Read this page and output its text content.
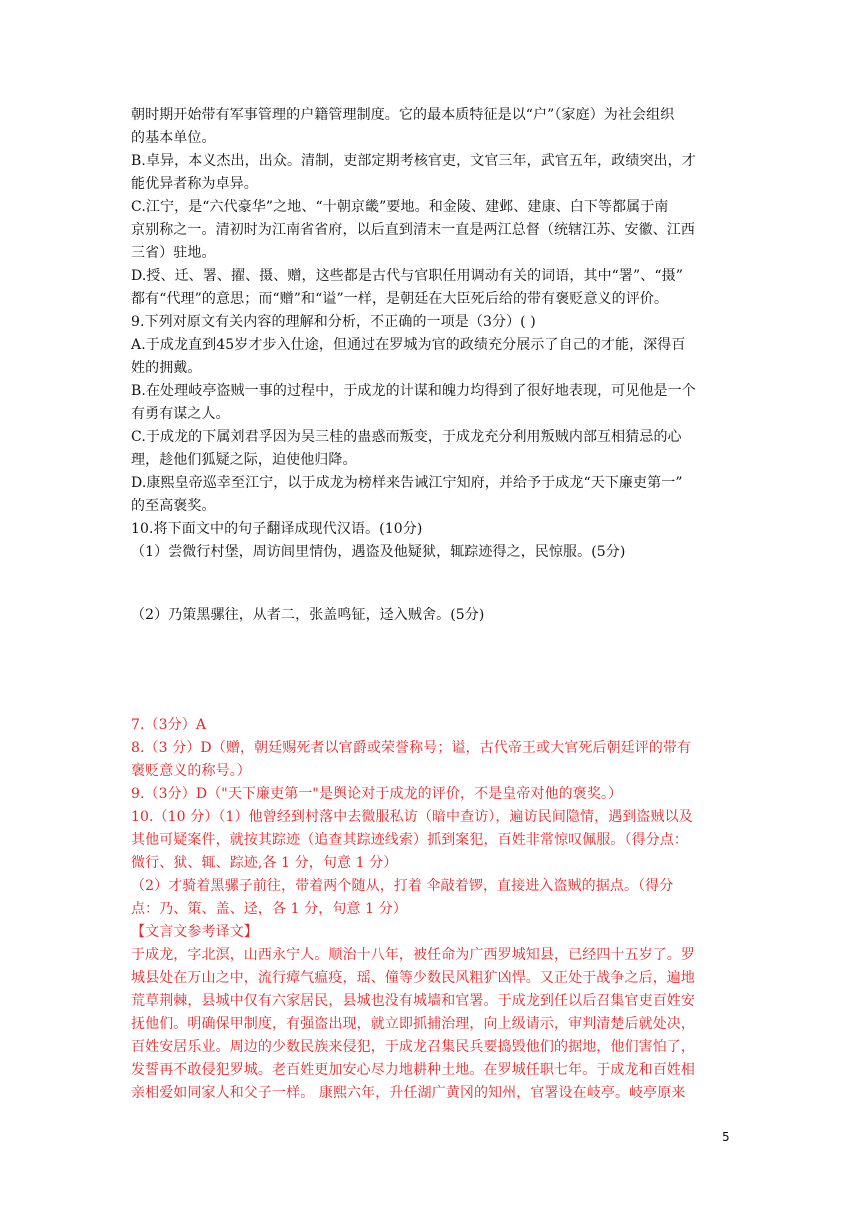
朝时期开始带有军事管理的户籍管理制度。它的最本质特征是以“户”（家庭）为社会组织
的基本单位。
B.卓异，本义杰出，出众。清制，吏部定期考核官吏，文官三年，武官五年，政绩突出，才
能优异者称为卓异。
C.江宁，是“六代豪华”之地、“十朝京畿”要地。和金陵、建邺、建康、白下等都属于南
京别称之一。清初时为江南省省府，以后直到清末一直是两江总督（统辖江苏、安徽、江西
三省）驻地。
D.授、迁、署、擢、摄、赠，这些都是古代与官职任用调动有关的词语，其中“署”、“摄”
都有“代理”的意思；而“赠”和“谥”一样，是朝廷在大臣死后给的带有褒贬意义的评价。
9.下列对原文有关内容的理解和分析，不正确的一项是（3分）( )
A.于成龙直到45岁才步入仕途，但通过在罗城为官的政绩充分展示了自己的才能，深得百
姓的拥戴。
B.在处理岐亭盗贼一事的过程中，于成龙的计谋和魄力均得到了很好地表现，可见他是一个
有勇有谋之人。
C.于成龙的下属刘君孚因为吴三桂的蛊惑而叛变，于成龙充分利用叛贼内部互相猜忌的心
理，趁他们狐疑之际，迫使他归降。
D.康熙皇帝巡幸至江宁，以于成龙为榜样来告诫江宁知府，并给予于成龙“天下廉吏第一”
的至高褒奖。
10.将下面文中的句子翻译成现代汉语。(10分)
（1）尝微行村堡，周访闾里情伪，遇盗及他疑狱，辄踪迹得之，民惊服。(5分)
（2）乃策黑骡往，从者二，张盖鸣钲，迳入贼舍。(5分)
7.（3分）A
8.（3 分）D（赠，朝廷赐死者以官爵或荣誉称号；谥，古代帝王或大官死后朝廷评的带有
褒贬意义的称号。）
9.（3分）D（"天下廉吏第一"是舆论对于成龙的评价，不是皇帝对他的褒奖。）
10.（10 分）（1）他曾经到村落中去微服私访（暗中查访），遍访民间隐情，遇到盗贼以及
其他可疑案件，就按其踪迹（追查其踪迹线索）抓到案犯，百姓非常惊叹佩服。（得分点：
微行、狱、辄、踪迹,各 1 分，句意 1 分）
（2）才骑着黑骡子前往，带着两个随从，打着 伞敲着锣，直接进入盗贼的据点。（得分
点：乃、策、盖、迳，各 1 分，句意 1 分）
【文言文参考译文】
于成龙，字北溟，山西永宁人。顺治十八年，被任命为广西罗城知县，已经四十五岁了。罗
城县处在万山之中，流行瘴气瘟疫，瑶、僮等少数民风粗犷凶悍。又正处于战争之后，遍地
荒草荆棘，县城中仅有六家居民，县城也没有城墙和官署。于成龙到任以后召集官吏百姓安
抚他们。明确保甲制度，有强盗出现，就立即抓捕治理，向上级请示，审判清楚后就处决，
百姓安居乐业。周边的少数民族来侵犯，于成龙召集民兵要捣毁他们的据地，他们害怕了，
发誓再不敢侵犯罗城。老百姓更加安心尽力地耕种土地。在罗城任职七年。于成龙和百姓相
亲相爱如同家人和父子一样。 康熙六年，升任湖广黄冈的知州，官署设在岐亭。岐亭原来
5
